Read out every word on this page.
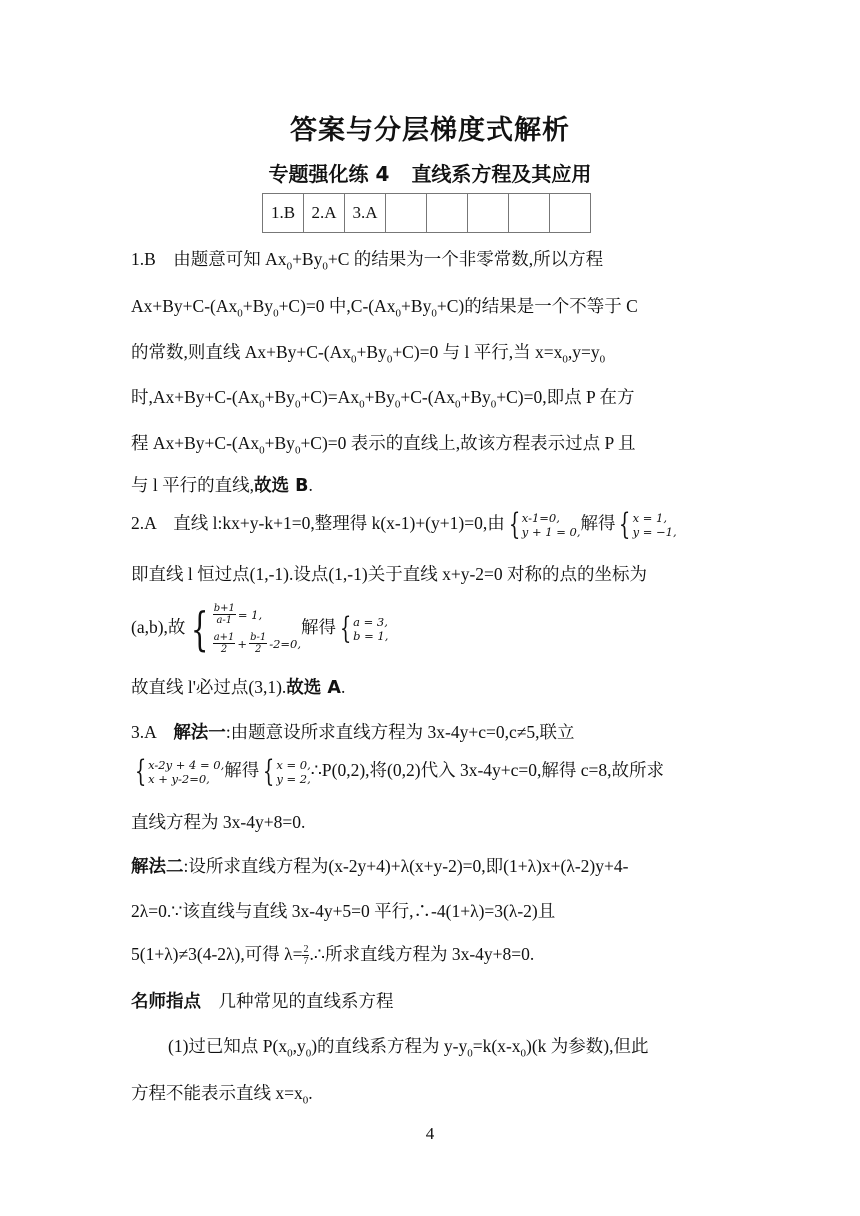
答案与分层梯度式解析
专题强化练 4 直线系方程及其应用
1.B	2.A	3.A					
1.B　由题意可知 $Ax_0+By_0+C$ 的结果为一个非零常数,所以方程
$Ax+By+C-(Ax_0+By_0+C)=0$ 中$,C-(Ax_0+By_0+C)$的结果是一个不等于 C
的常数,则直线 $Ax+By+C-(Ax_0+By_0+C)=0$ 与 l 平行,当 $x=x_0,y=y_0$
时$,Ax+By+C-(Ax_0+By_0+C)=Ax_0+By_0+C-(Ax_0+By_0+C)=0$,即点 P 在方
程 $Ax+By+C-(Ax_0+By_0+C)=0$ 表示的直线上,故该方程表示过点 P 且
与 l 平行的直线,故选 B.
2.A　直线 l:kx+y-k+1=0,整理得 k(x-1)+(y+1)=0,由 { x-1=0,
y + 1 = 0, 解得 { x = 1,
y = −1,
即直线 l 恒过点(1,-1).设点(1,-1)关于直线 x+y-2=0 对称的点的坐标为
(a,b),故 { $\frac{b+1}{a-1} = 1$,
$\frac{a+1}{2} + \frac{b-1}{2} -2=0$,
解得 { a = 3,
b = 1,
故直线 l'必过点(3,1).故选 A.
3.A　解法一:由题意设所求直线方程为 3x-4y+c=0,c≠5,联立
{ x-2y + 4 = 0,
x + y-2=0, 解得 { x = 0,
y = 2, ∴P(0,2),将(0,2)代入 3x-4y+c=0,解得 c=8,故所求
直线方程为 3x-4y+8=0.
解法二:设所求直线方程为(x-2y+4)+λ(x+y-2)=0,即(1+λ)x+(λ-2)y+4-
2λ=0.∵该直线与直线 3x-4y+5=0 平行,∴-4(1+λ)=3(λ-2)且
5(1+λ)≠3(4-2λ),可得 $\lambda= \frac{2}{7}$ .∴所求直线方程为 3x-4y+8=0.
名师指点　几种常见的直线系方程
(1)过已知点 $P(x_0,y_0)$的直线系方程为 $y-y_0=k(x-x_0)(k$ 为参数),但此
方程不能表示直线 $x=x_0$.
4
